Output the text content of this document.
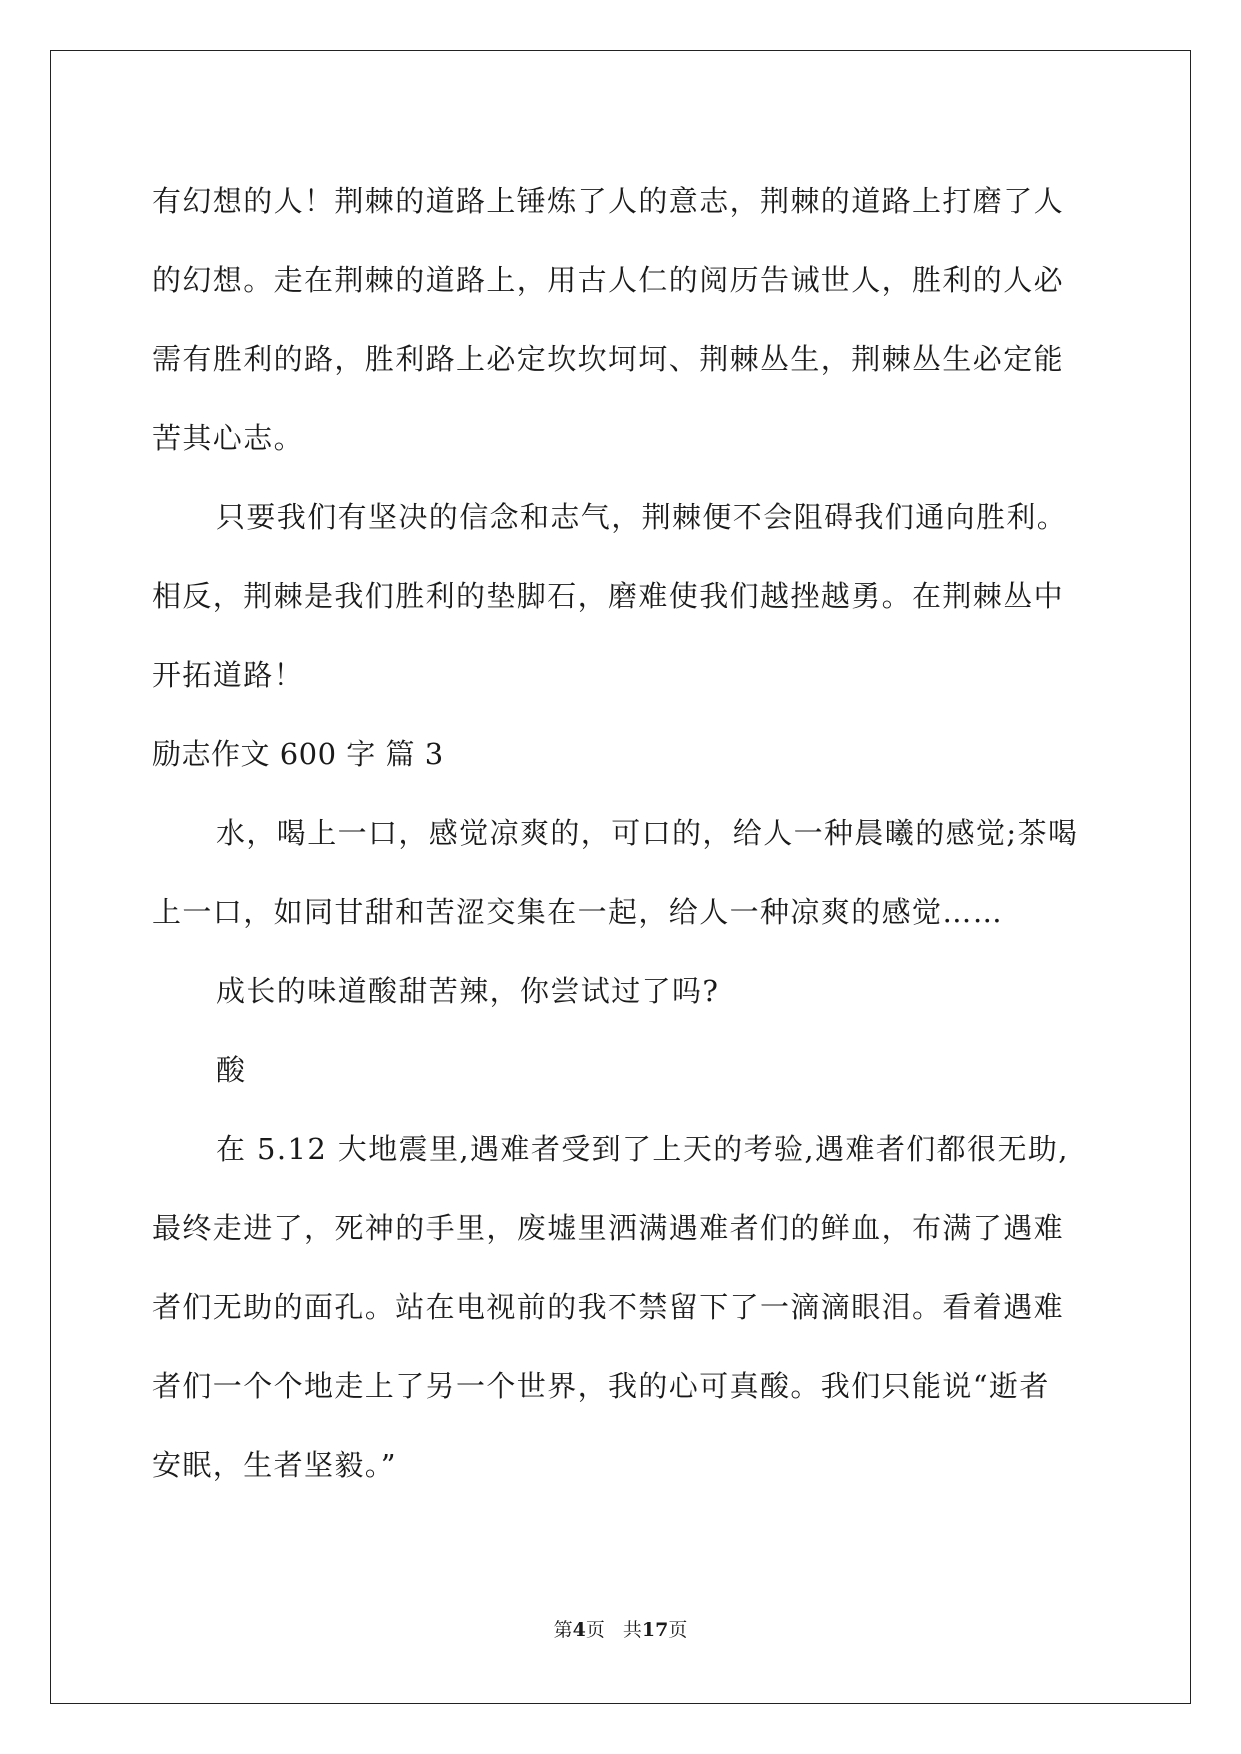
有幻想的人！荆棘的道路上锤炼了人的意志，荆棘的道路上打磨了人
的幻想。走在荆棘的道路上，用古人仁的阅历告诫世人，胜利的人必
需有胜利的路，胜利路上必定坎坎坷坷、荆棘丛生，荆棘丛生必定能
苦其心志。
只要我们有坚决的信念和志气，荆棘便不会阻碍我们通向胜利。
相反，荆棘是我们胜利的垫脚石，磨难使我们越挫越勇。在荆棘丛中
开拓道路！
励志作文 600 字 篇 3
水，喝上一口，感觉凉爽的，可口的，给人一种晨曦的感觉;茶喝
上一口，如同甘甜和苦涩交集在一起，给人一种凉爽的感觉……
成长的味道酸甜苦辣，你尝试过了吗?
酸
在 5.12 大地震里,遇难者受到了上天的考验,遇难者们都很无助,
最终走进了，死神的手里，废墟里洒满遇难者们的鲜血，布满了遇难
者们无助的面孔。站在电视前的我不禁留下了一滴滴眼泪。看着遇难
者们一个个地走上了另一个世界，我的心可真酸。我们只能说“逝者
安眠，生者坚毅。”
第4页 共17页
